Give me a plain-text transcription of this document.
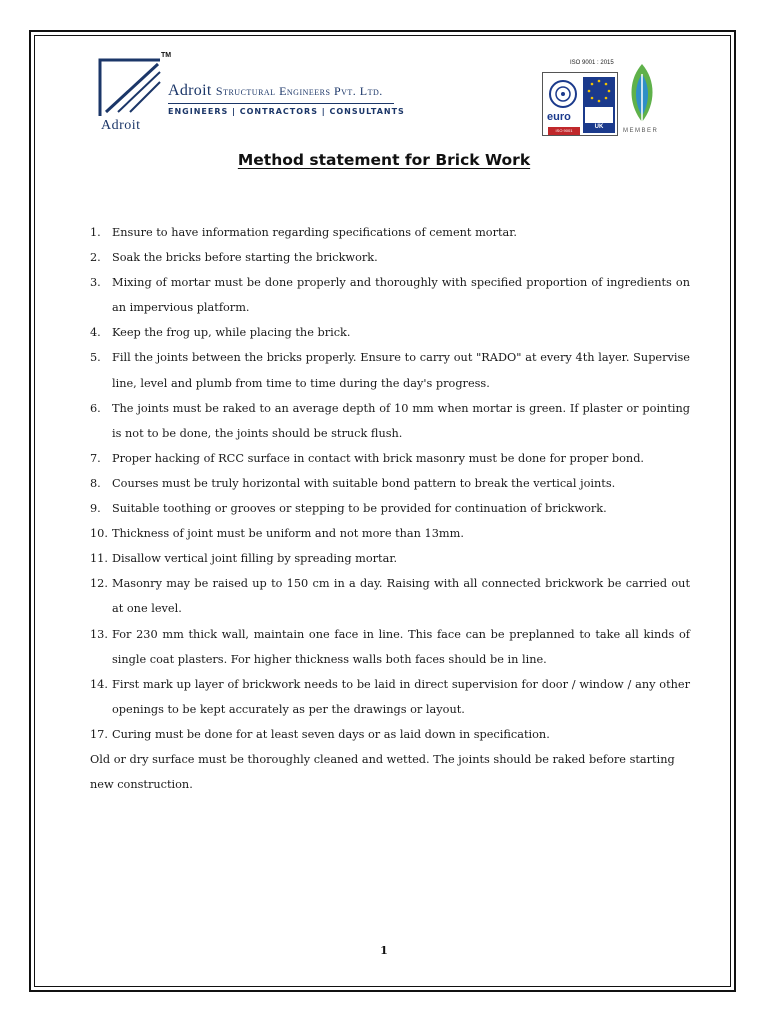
TM
Adroit
Adroit Structural Engineers Pvt. Ltd.
ENGINEERS | CONTRACTORS | CONSULTANTS
ISO 9001 : 2015
euro
ISO 9001
UK
MEMBER
Method statement for Brick Work
1. Ensure to have information regarding specifications of cement mortar.
2. Soak the bricks before starting the brickwork.
3. Mixing of mortar must be done properly and thoroughly with specified proportion of ingredients on an impervious platform.
4. Keep the frog up, while placing the brick.
5. Fill the joints between the bricks properly. Ensure to carry out "RADO" at every 4th layer. Supervise line, level and plumb from time to time during the day's progress.
6. The joints must be raked to an average depth of 10 mm when mortar is green. If plaster or pointing is not to be done, the joints should be struck flush.
7. Proper hacking of RCC surface in contact with brick masonry must be done for proper bond.
8. Courses must be truly horizontal with suitable bond pattern to break the vertical joints.
9. Suitable toothing or grooves or stepping to be provided for continuation of brickwork.
10. Thickness of joint must be uniform and not more than 13mm.
11. Disallow vertical joint filling by spreading mortar.
12. Masonry may be raised up to 150 cm in a day. Raising with all connected brickwork be carried out at one level.
13. For 230 mm thick wall, maintain one face in line. This face can be preplanned to take all kinds of single coat plasters. For higher thickness walls both faces should be in line.
14. First mark up layer of brickwork needs to be laid in direct supervision for door / window / any other openings to be kept accurately as per the drawings or layout.
17. Curing must be done for at least seven days or as laid down in specification.
Old or dry surface must be thoroughly cleaned and wetted. The joints should be raked before starting new construction.
1
